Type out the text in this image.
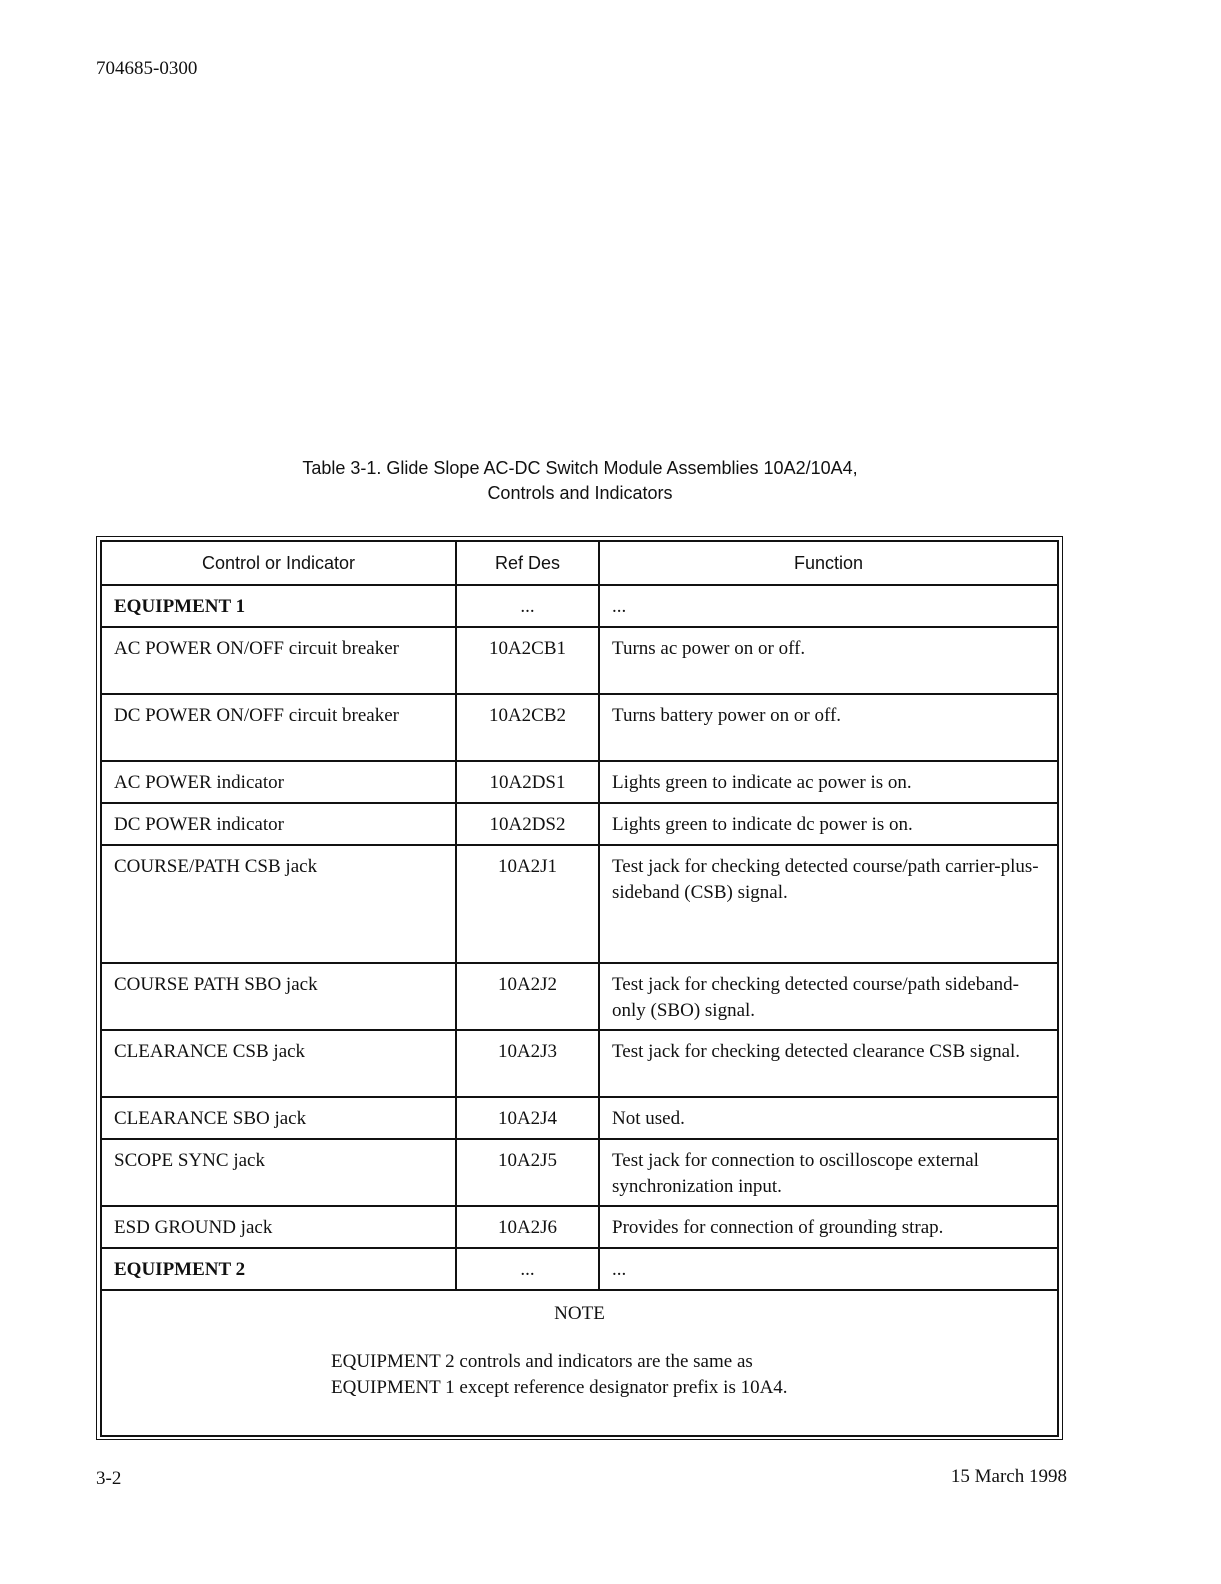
704685-0300
Table 3-1. Glide Slope AC-DC Switch Module Assemblies 10A2/10A4,
Controls and Indicators
Control or Indicator	Ref Des	Function
EQUIPMENT 1	...	...
AC POWER ON/OFF circuit breaker	10A2CB1	Turns ac power on or off.
DC POWER ON/OFF circuit breaker	10A2CB2	Turns battery power on or off.
AC POWER indicator	10A2DS1	Lights green to indicate ac power is on.
DC POWER indicator	10A2DS2	Lights green to indicate dc power is on.
COURSE/PATH CSB jack	10A2J1	Test jack for checking detected course/path carrier-plus-sideband (CSB) signal.
COURSE PATH SBO jack	10A2J2	Test jack for checking detected course/path sideband-only (SBO) signal.
CLEARANCE CSB jack	10A2J3	Test jack for checking detected clearance CSB signal.
CLEARANCE SBO jack	10A2J4	Not used.
SCOPE SYNC jack	10A2J5	Test jack for connection to oscilloscope external synchronization input.
ESD GROUND jack	10A2J6	Provides for connection of grounding strap.
EQUIPMENT 2	...	...

NOTE
EQUIPMENT 2 controls and indicators are the same as EQUIPMENT 1 except reference designator prefix is 10A4.		
3-2	15 March 1998
